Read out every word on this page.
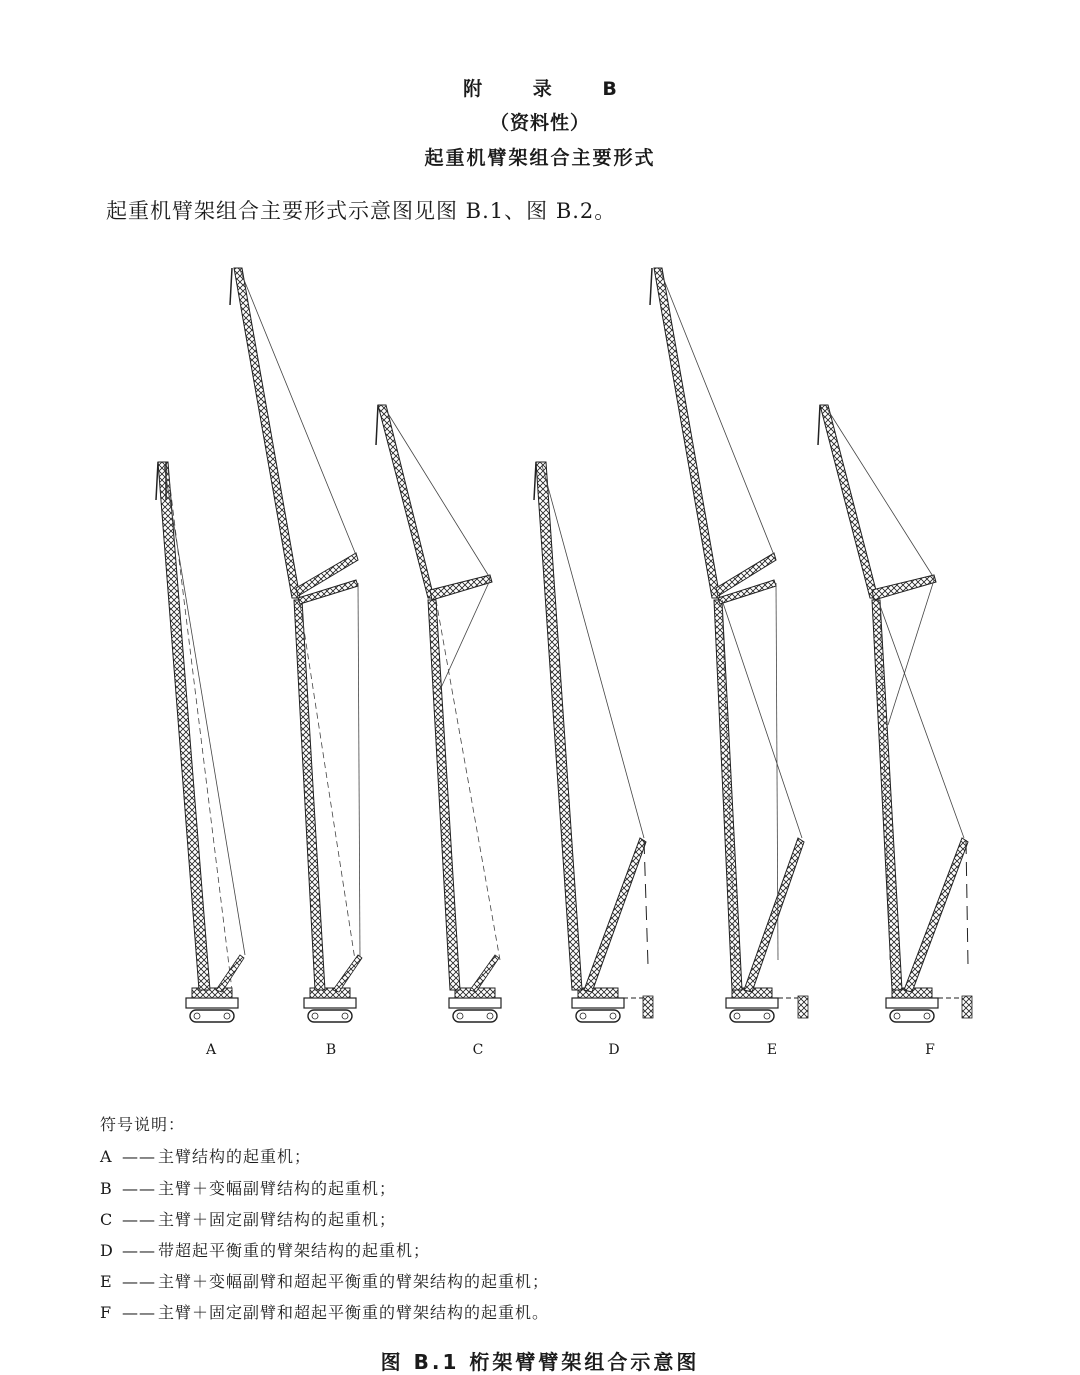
附 录 B
（资料性）
起重机臂架组合主要形式
起重机臂架组合主要形式示意图见图 B.1、图 B.2。
A	B	C	D	E	F
符号说明：
A —— 主臂结构的起重机；
B —— 主臂＋变幅副臂结构的起重机；
C —— 主臂＋固定副臂结构的起重机；
D —— 带超起平衡重的臂架结构的起重机；
E —— 主臂＋变幅副臂和超起平衡重的臂架结构的起重机；
F —— 主臂＋固定副臂和超起平衡重的臂架结构的起重机。
图 B.1 桁架臂臂架组合示意图
